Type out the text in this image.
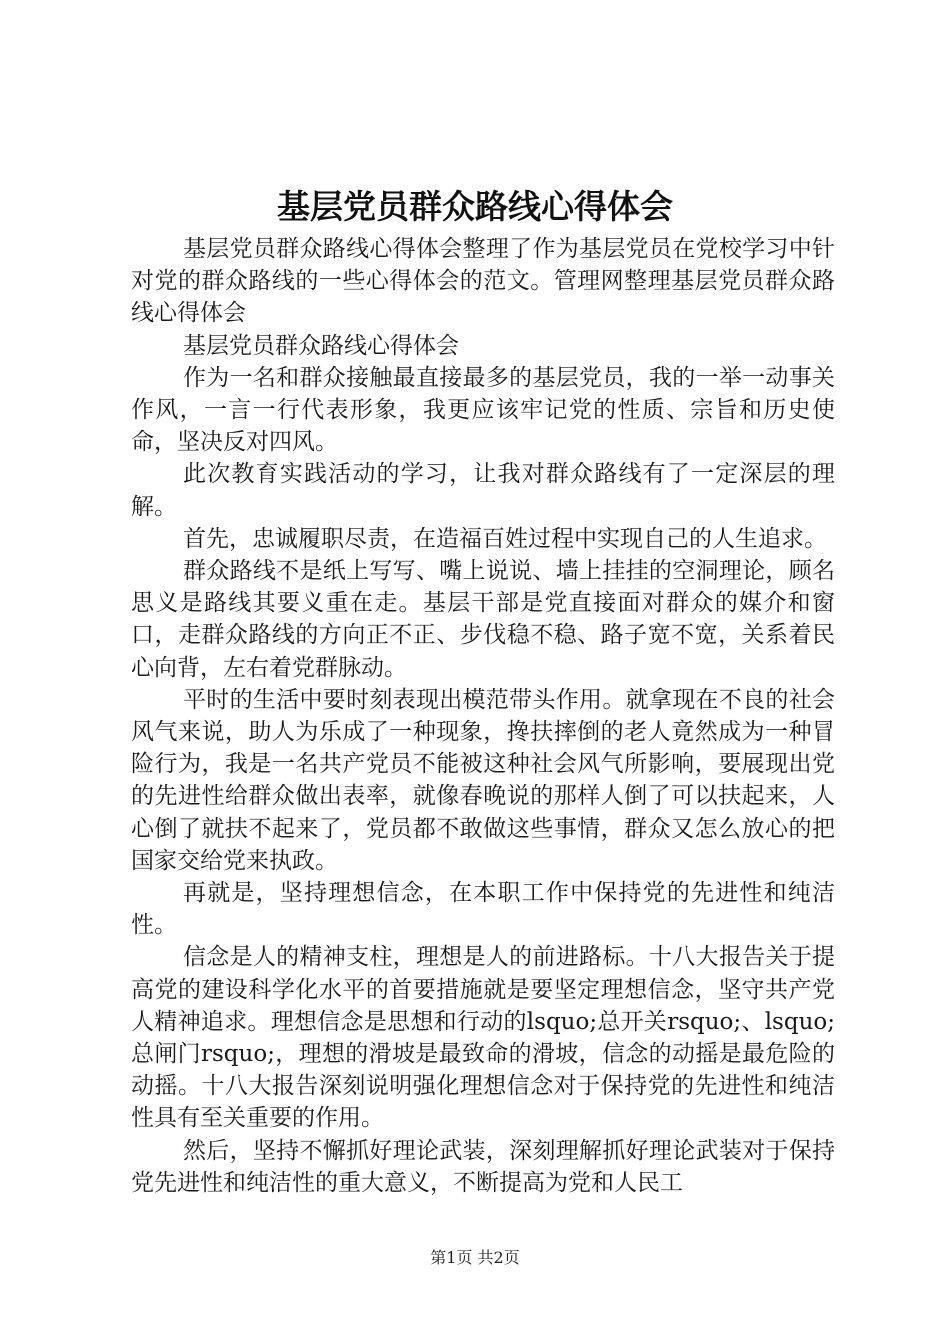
基层党员群众路线心得体会

基层党员群众路线心得体会整理了作为基层党员在党校学习中针对党的群众路线的一些心得体会的范文。管理网整理基层党员群众路线心得体会

基层党员群众路线心得体会

作为一名和群众接触最直接最多的基层党员，我的一举一动事关作风，一言一行代表形象，我更应该牢记党的性质、宗旨和历史使命，坚决反对四风。

此次教育实践活动的学习，让我对群众路线有了一定深层的理解。

首先，忠诚履职尽责，在造福百姓过程中实现自己的人生追求。

群众路线不是纸上写写、嘴上说说、墙上挂挂的空洞理论，顾名思义是路线其要义重在走。基层干部是党直接面对群众的媒介和窗口，走群众路线的方向正不正、步伐稳不稳、路子宽不宽，关系着民心向背，左右着党群脉动。

平时的生活中要时刻表现出模范带头作用。就拿现在不良的社会风气来说，助人为乐成了一种现象，搀扶摔倒的老人竟然成为一种冒险行为，我是一名共产党员不能被这种社会风气所影响，要展现出党的先进性给群众做出表率，就像春晚说的那样人倒了可以扶起来，人心倒了就扶不起来了，党员都不敢做这些事情，群众又怎么放心的把国家交给党来执政。

再就是，坚持理想信念，在本职工作中保持党的先进性和纯洁性。

信念是人的精神支柱，理想是人的前进路标。十八大报告关于提高党的建设科学化水平的首要措施就是要坚定理想信念，坚守共产党人精神追求。理想信念是思想和行动的lsquo;总开关rsquo;、lsquo;总闸门rsquo;，理想的滑坡是最致命的滑坡，信念的动摇是最危险的动摇。十八大报告深刻说明强化理想信念对于保持党的先进性和纯洁性具有至关重要的作用。

然后，坚持不懈抓好理论武装，深刻理解抓好理论武装对于保持党先进性和纯洁性的重大意义，不断提高为党和人民工

第1页 共2页
